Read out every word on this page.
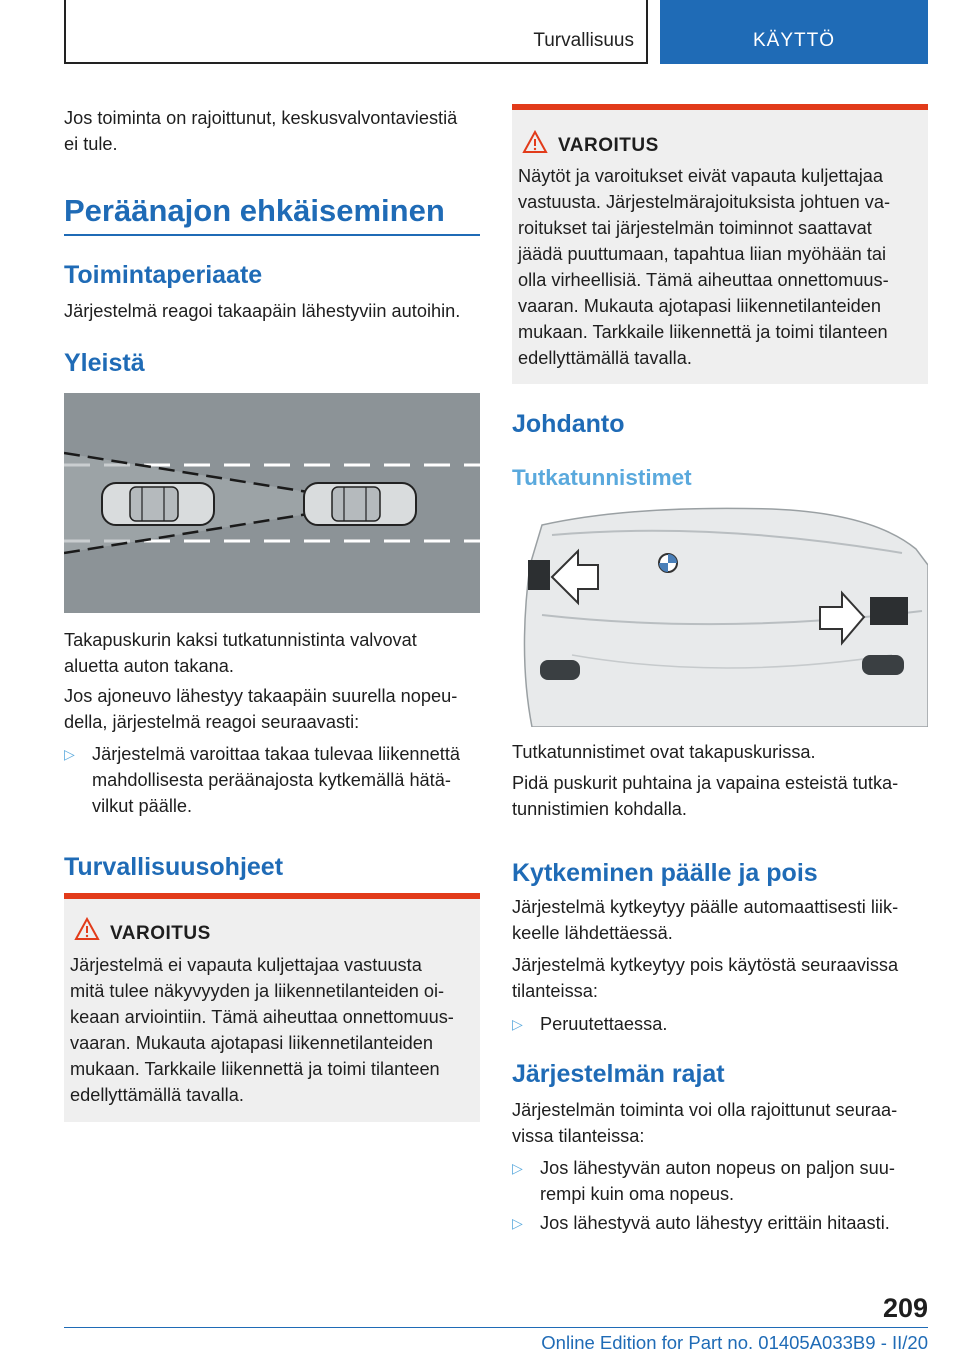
Turvallisuus	KÄYTTÖ
Jos toiminta on rajoittunut, keskusvalvontaviestiä
ei tule.
Peräänajon ehkäiseminen
Toimintaperiaate
Järjestelmä reagoi takaapäin lähestyviin autoihin.
Yleistä
Takapuskurin kaksi tutkatunnistinta valvovat
aluetta auton takana.
Jos ajoneuvo lähestyy takaapäin suurella nopeu‐
della, järjestelmä reagoi seuraavasti:
▷ Järjestelmä varoittaa takaa tulevaa liikennettä
mahdollisesta peräänajosta kytkemällä hätä‐
vilkut päälle.
Turvallisuusohjeet
VAROITUS
Järjestelmä ei vapauta kuljettajaa vastuusta
mitä tulee näkyvyyden ja liikennetilanteiden oi‐
keaan arviointiin. Tämä aiheuttaa onnettomuus‐
vaaran. Mukauta ajotapasi liikennetilanteiden
mukaan. Tarkkaile liikennettä ja toimi tilanteen
edellyttämällä tavalla.
VAROITUS
Näytöt ja varoitukset eivät vapauta kuljettajaa
vastuusta. Järjestelmärajoituksista johtuen va‐
roitukset tai järjestelmän toiminnot saattavat
jäädä puuttumaan, tapahtua liian myöhään tai
olla virheellisiä. Tämä aiheuttaa onnettomuus‐
vaaran. Mukauta ajotapasi liikennetilanteiden
mukaan. Tarkkaile liikennettä ja toimi tilanteen
edellyttämällä tavalla.
Johdanto
Tutkatunnistimet
Tutkatunnistimet ovat takapuskurissa.
Pidä puskurit puhtaina ja vapaina esteistä tutka‐
tunnistimien kohdalla.
Kytkeminen päälle ja pois
Järjestelmä kytkeytyy päälle automaattisesti liik‐
keelle lähdettäessä.
Järjestelmä kytkeytyy pois käytöstä seuraavissa
tilanteissa:
▷ Peruutettaessa.
Järjestelmän rajat
Järjestelmän toiminta voi olla rajoittunut seuraa‐
vissa tilanteissa:
▷ Jos lähestyvän auton nopeus on paljon suu‐
rempi kuin oma nopeus.
▷ Jos lähestyvä auto lähestyy erittäin hitaasti.
209
Online Edition for Part no. 01405A033B9 - II/20
